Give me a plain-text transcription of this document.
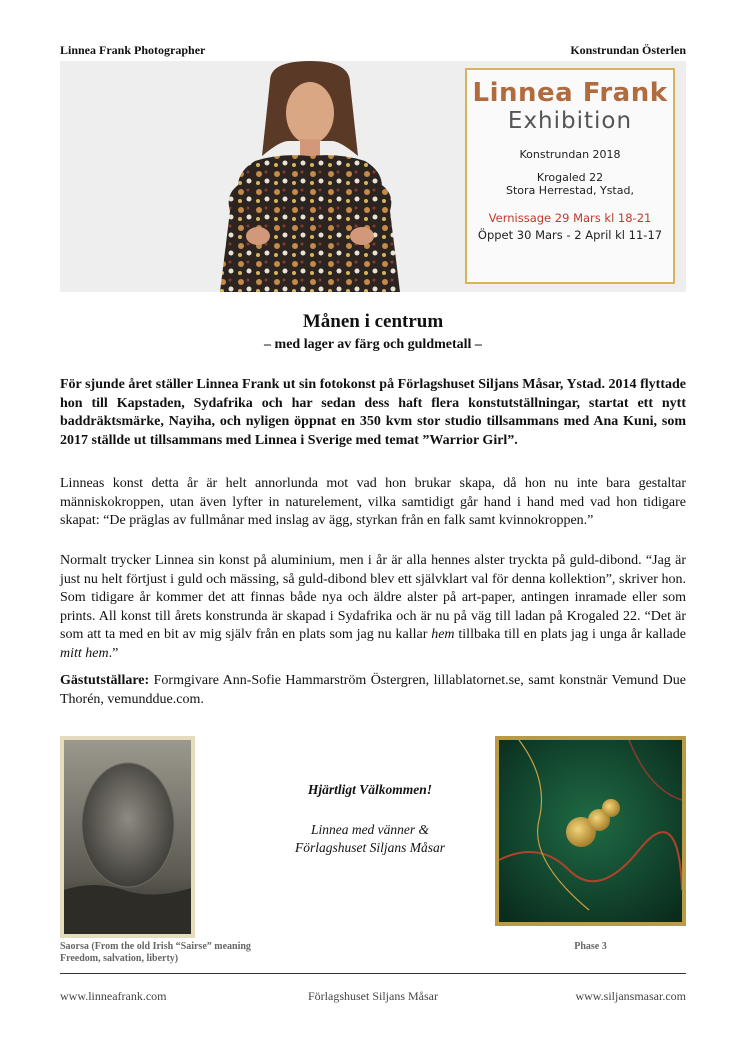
Linnea Frank Photographer	Konstrundan Österlen
Linnea Frank
Exhibition
Konstrundan 2018
Krogaled 22
Stora Herrestad, Ystad,
Vernissage 29 Mars kl 18-21
Öppet 30 Mars - 2 April kl 11-17
Månen i centrum
– med lager av färg och guldmetall –

För sjunde året ställer Linnea Frank ut sin fotokonst på Förlagshuset Siljans Måsar, Ystad. 2014 flyttade hon till Kapstaden, Sydafrika och har sedan dess haft flera konstutställningar, startat ett nytt baddräktsmärke, Nayiha, och nyligen öppnat en 350 kvm stor studio tillsammans med Ana Kuni, som 2017 ställde ut tillsammans med Linnea i Sverige med temat ”Warrior Girl”.

Linneas konst detta år är helt annorlunda mot vad hon brukar skapa, då hon nu inte bara gestaltar människokroppen, utan även lyfter in naturelement, vilka samtidigt går hand i hand med vad hon tidigare skapat: “De präglas av fullmånar med inslag av ägg, styrkan från en falk samt kvinnokroppen.”

Normalt trycker Linnea sin konst på aluminium, men i år är alla hennes alster tryckta på guld-dibond. “Jag är just nu helt förtjust i guld och mässing, så guld-dibond blev ett självklart val för denna kollektion”, skriver hon. Som tidigare år kommer det att finnas både nya och äldre alster på art-paper, antingen inramade eller som prints. All konst till årets konstrunda är skapad i Sydafrika och är nu på väg till ladan på Krogaled 22. “Det är som att ta med en bit av mig själv från en plats som jag nu kallar hem tillbaka till en plats jag i unga år kallade mitt hem.”

Gästutställare: Formgivare Ann-Sofie Hammarström Östergren, lillablatornet.se, samt konstnär Vemund Due Thorén, vemunddue.com.

Hjärtligt Välkommen!
Linnea med vänner &
Förlagshuset Siljans Måsar
Saorsa (From the old Irish “Sairse” meaning
Freedom, salvation, liberty)
Phase 3
www.linneafrank.com	Förlagshuset Siljans Måsar	www.siljansmasar.com
